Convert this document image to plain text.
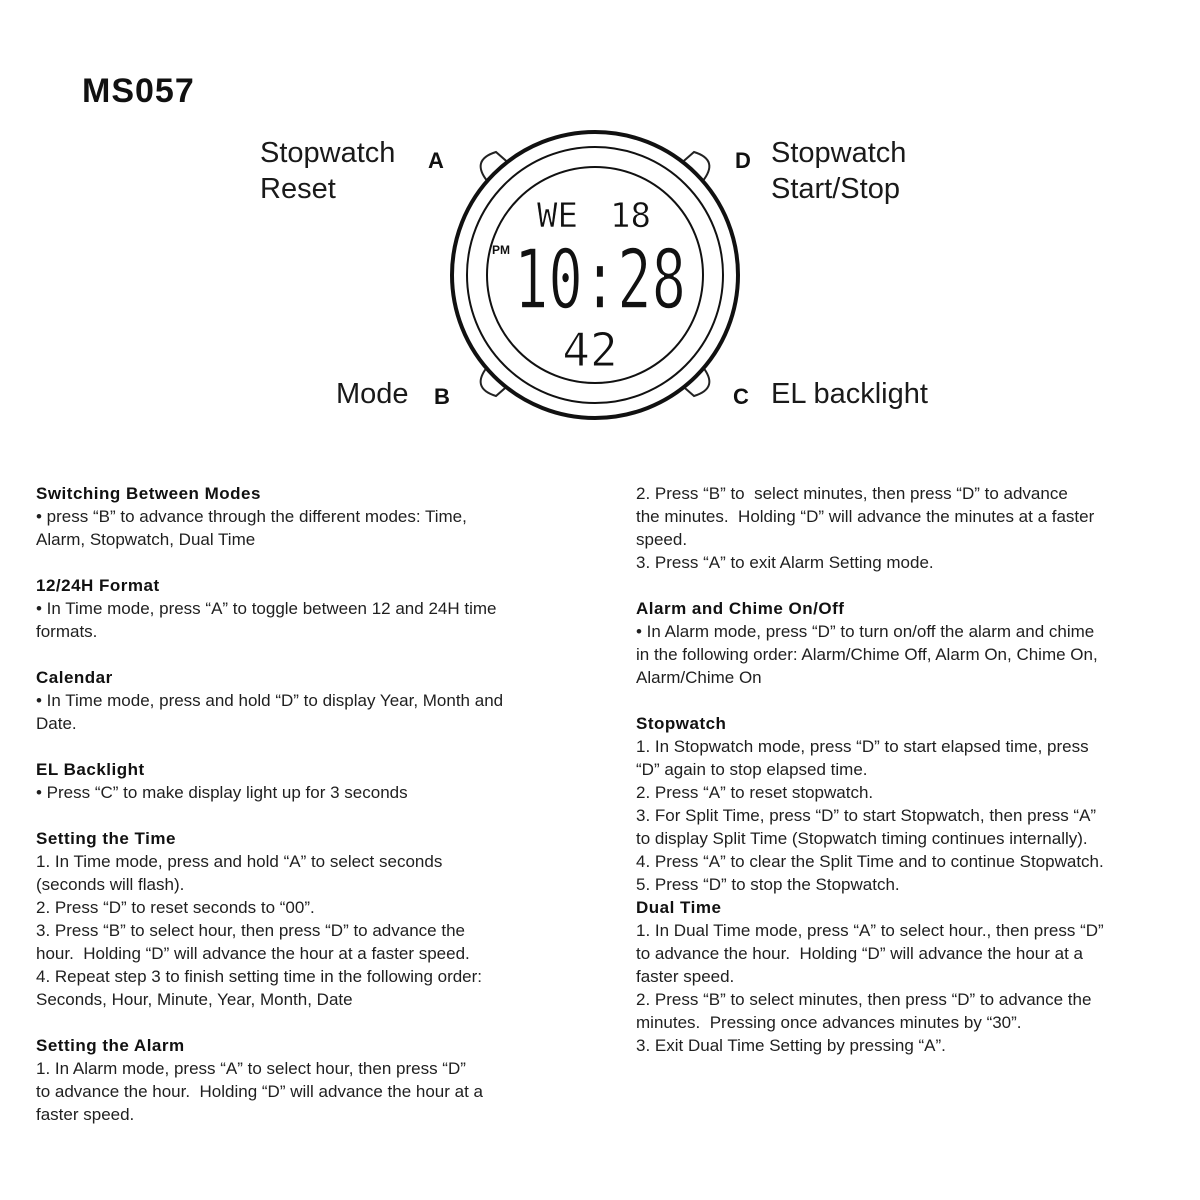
MS057
Stopwatch
Reset
A	D Stopwatch
Start/Stop
Mode B	C EL backlight
WE 18
PM 10:28
42
Switching Between Modes
• press “B” to advance through the different modes: Time,
Alarm, Stopwatch, Dual Time
12/24H Format
• In Time mode, press “A” to toggle between 12 and 24H time
formats.
Calendar
• In Time mode, press and hold “D” to display Year, Month and
Date.
EL Backlight
• Press “C” to make display light up for 3 seconds
Setting the Time
1. In Time mode, press and hold “A” to select seconds
(seconds will flash).
2. Press “D” to reset seconds to “00”.
3. Press “B” to select hour, then press “D” to advance the
hour.  Holding “D” will advance the hour at a faster speed.
4. Repeat step 3 to finish setting time in the following order:
Seconds, Hour, Minute, Year, Month, Date
Setting the Alarm
1. In Alarm mode, press “A” to select hour, then press “D”
to advance the hour.  Holding “D” will advance the hour at a
faster speed.
2. Press “B” to  select minutes, then press “D” to advance
the minutes.  Holding “D” will advance the minutes at a faster
speed.
3. Press “A” to exit Alarm Setting mode.
Alarm and Chime On/Off
• In Alarm mode, press “D” to turn on/off the alarm and chime
in the following order: Alarm/Chime Off, Alarm On, Chime On,
Alarm/Chime On
Stopwatch
1. In Stopwatch mode, press “D” to start elapsed time, press
“D” again to stop elapsed time.
2. Press “A” to reset stopwatch.
3. For Split Time, press “D” to start Stopwatch, then press “A”
to display Split Time (Stopwatch timing continues internally).
4. Press “A” to clear the Split Time and to continue Stopwatch.
5. Press “D” to stop the Stopwatch.
Dual Time
1. In Dual Time mode, press “A” to select hour., then press “D”
to advance the hour.  Holding “D” will advance the hour at a
faster speed.
2. Press “B” to select minutes, then press “D” to advance the
minutes.  Pressing once advances minutes by “30”.
3. Exit Dual Time Setting by pressing “A”.
